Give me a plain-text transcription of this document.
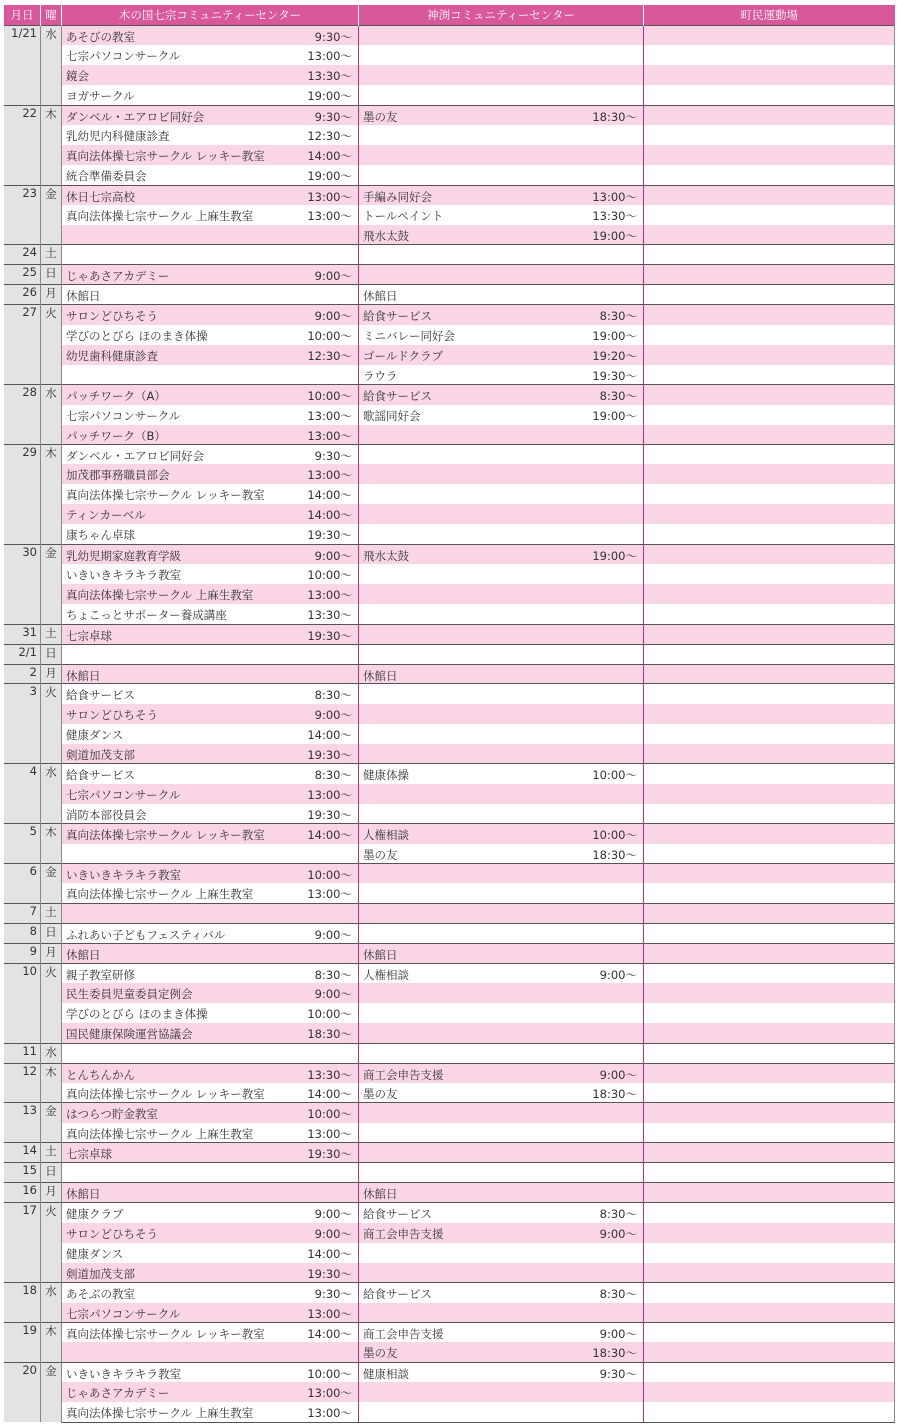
月日	曜	木の国七宗コミュニティーセンター	神渕コミュニティーセンター	町民運動場
1/21	水	あそびの教室 9:30～		

		七宗パソコンサークル 13:00～		

		鏡会 13:30～		

		ヨガサークル 19:00～		

22	木	ダンベル・エアロビ同好会 9:30～	墨の友 18:30～	

		乳幼児内科健康診査 12:30～		

		真向法体操七宗サークル レッキー教室 14:00～		

		統合準備委員会 19:00～		

23	金	休日七宗高校 13:00～	手編み同好会 13:00～	

		真向法体操七宗サークル 上麻生教室 13:00～	トールペイント 13:30～	

			飛水太鼓 19:00～	

24	土	

25	日	じゃあさアカデミー 9:00～		

26	月	休館日	休館日	

27	火	サロンどひちそう 9:00～	給食サービス 8:30～	

		学びのとびら ほのまき体操 10:00～	ミニバレー同好会 19:00～	

		幼児歯科健康診査 12:30～	ゴールドクラブ 19:20～	

			ラウラ 19:30～	

28	水	パッチワーク（A） 10:00～	給食サービス 8:30～	

		七宗パソコンサークル 13:00～	歌謡同好会 19:00～	

		パッチワーク（B） 13:00～		

29	木	ダンベル・エアロビ同好会 9:30～		

		加茂郡事務職員部会 13:00～		

		真向法体操七宗サークル レッキー教室 14:00～		

		ティンカーベル 14:00～		

		康ちゃん卓球 19:30～		

30	金	乳幼児期家庭教育学級 9:00～	飛水太鼓 19:00～	

		いきいきキラキラ教室 10:00～		

		真向法体操七宗サークル 上麻生教室 13:00～		

		ちょこっとサポーター養成講座 13:30～		

31	土	七宗卓球 19:30～		

2/1	日	

2	月	休館日	休館日	

3	火	給食サービス 8:30～		

		サロンどひちそう 9:00～		

		健康ダンス 14:00～		

		剣道加茂支部 19:30～		

4	水	給食サービス 8:30～	健康体操 10:00～	

		七宗パソコンサークル 13:00～		

		消防本部役員会 19:30～		

5	木	真向法体操七宗サークル レッキー教室 14:00～	人権相談 10:00～	

			墨の友 18:30～	

6	金	いきいきキラキラ教室 10:00～		

		真向法体操七宗サークル 上麻生教室 13:00～		

7	土	

8	日	ふれあい子どもフェスティバル 9:00～		

9	月	休館日	休館日	

10	火	親子教室研修 8:30～	人権相談 9:00～	

		民生委員児童委員定例会 9:00～		

		学びのとびら ほのまき体操 10:00～		

		国民健康保険運営協議会 18:30～		

11	水	

12	木	とんちんかん 13:30～	商工会申告支援 9:00～	

		真向法体操七宗サークル レッキー教室 14:00～	墨の友 18:30～	

13	金	はつらつ貯金教室 10:00～		

		真向法体操七宗サークル 上麻生教室 13:00～		

14	土	七宗卓球 19:30～		

15	日	

16	月	休館日	休館日	

17	火	健康クラブ 9:00～	給食サービス 8:30～	

		サロンどひちそう 9:00～	商工会申告支援 9:00～	

		健康ダンス 14:00～		

		剣道加茂支部 19:30～		

18	水	あそぶの教室 9:30～	給食サービス 8:30～	

		七宗パソコンサークル 13:00～		

19	木	真向法体操七宗サークル レッキー教室 14:00～	商工会申告支援 9:00～	

			墨の友 18:30～	

20	金	いきいきキラキラ教室 10:00～	健康相談 9:30～	

		じゃあさアカデミー 13:00～		

		真向法体操七宗サークル 上麻生教室 13:00～		
